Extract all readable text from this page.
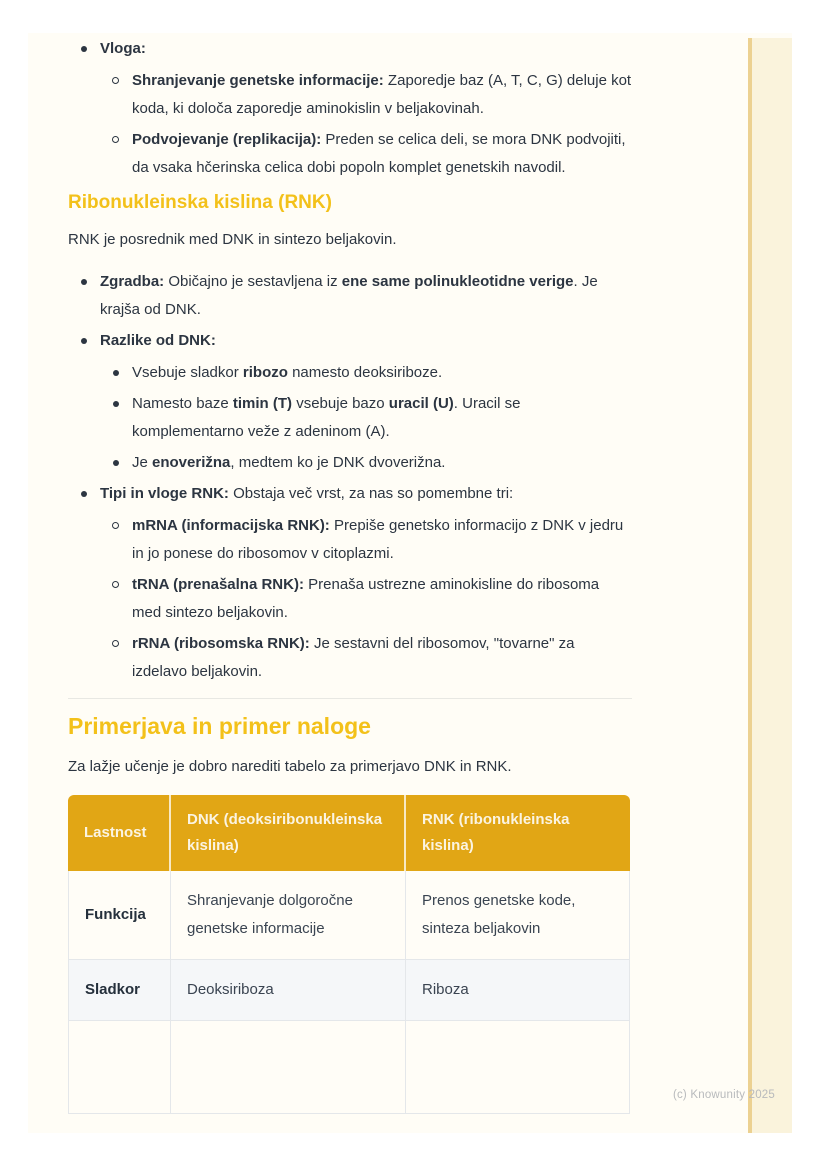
Vloga:
Shranjevanje genetske informacije: Zaporedje baz (A, T, C, G) deluje kot koda, ki določa zaporedje aminokislin v beljakovinah.
Podvojevanje (replikacija): Preden se celica deli, se mora DNK podvojiti, da vsaka hčerinska celica dobi popoln komplet genetskih navodil.
Ribonukleinska kislina (RNK)

RNK je posrednik med DNK in sintezo beljakovin.

Zgradba: Običajno je sestavljena iz ene same polinukleotidne verige. Je krajša od DNK.
Razlike od DNK:
Vsebuje sladkor ribozo namesto deoksiriboze.
Namesto baze timin (T) vsebuje bazo uracil (U). Uracil se komplementarno veže z adeninom (A).
Je enoverižna, medtem ko je DNK dvoverižna.
Tipi in vloge RNK: Obstaja več vrst, za nas so pomembne tri:
mRNA (informacijska RNK): Prepiše genetsko informacijo z DNK v jedru in jo ponese do ribosomov v citoplazmi.
tRNA (prenašalna RNK): Prenaša ustrezne aminokisline do ribosoma med sintezo beljakovin.
rRNA (ribosomska RNK): Je sestavni del ribosomov, "tovarne" za izdelavo beljakovin.
Primerjava in primer naloge

Za lažje učenje je dobro narediti tabelo za primerjavo DNK in RNK.

Lastnost	DNK (deoksiribonukleinska kislina)	RNK (ribonukleinska kislina)
Funkcija	Shranjevanje dolgoročne genetske informacije	Prenos genetske kode, sinteza beljakovin
Sladkor	Deoksiriboza	Riboza

(c) Knowunity 2025
